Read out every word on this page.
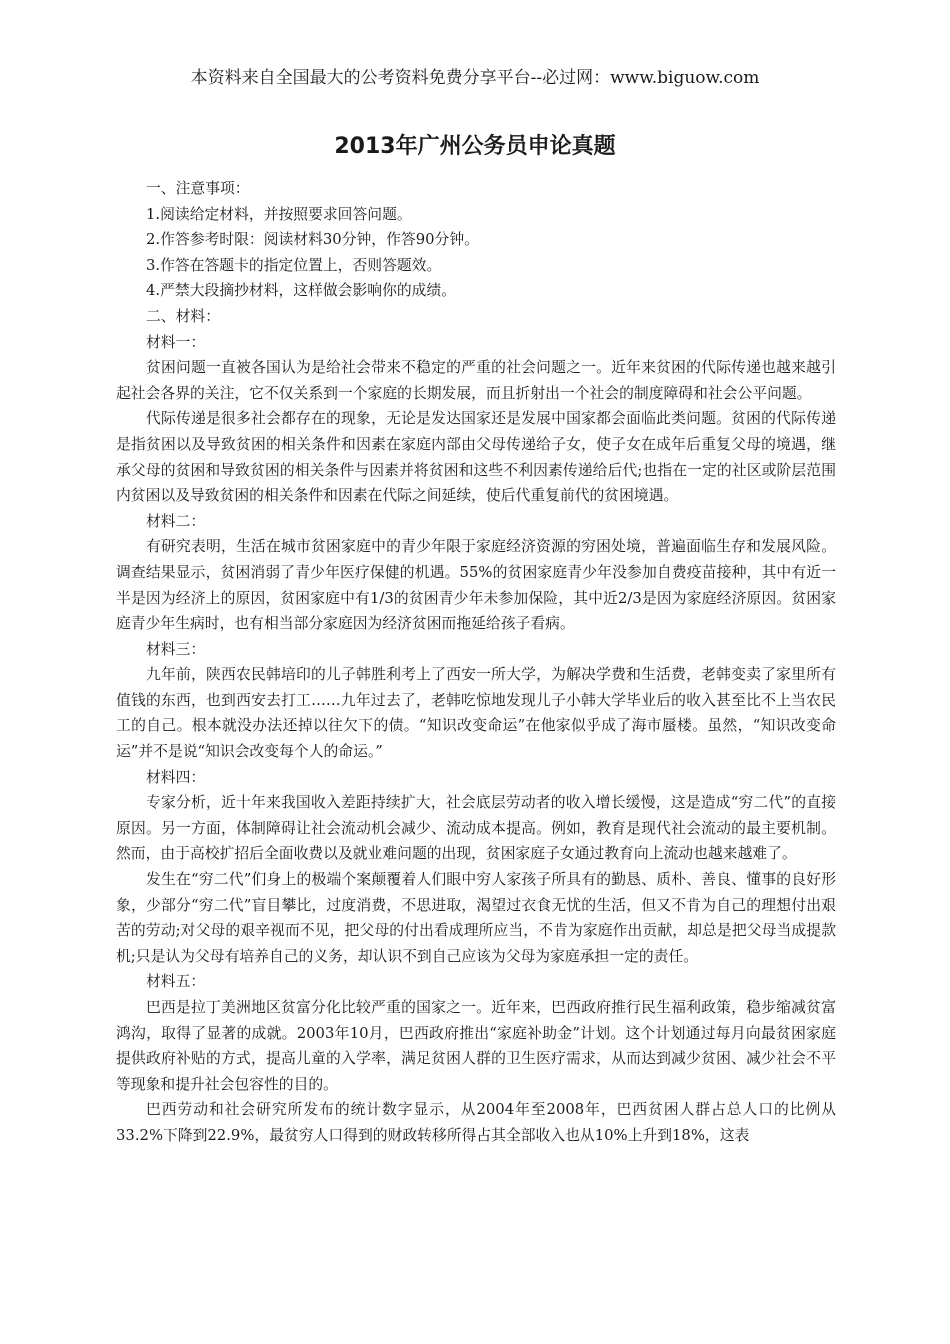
本资料来自全国最大的公考资料免费分享平台--必过网：www.biguow.com
2013年广州公务员申论真题

一、注意事项：

1.阅读给定材料，并按照要求回答问题。

2.作答参考时限：阅读材料30分钟，作答90分钟。

3.作答在答题卡的指定位置上，否则答题效。

4.严禁大段摘抄材料，这样做会影响你的成绩。

二、材料：

材料一：

贫困问题一直被各国认为是给社会带来不稳定的严重的社会问题之一。近年来贫困的代际传递也越来越引起社会各界的关注，它不仅关系到一个家庭的长期发展，而且折射出一个社会的制度障碍和社会公平问题。

代际传递是很多社会都存在的现象，无论是发达国家还是发展中国家都会面临此类问题。贫困的代际传递是指贫困以及导致贫困的相关条件和因素在家庭内部由父母传递给子女，使子女在成年后重复父母的境遇，继承父母的贫困和导致贫困的相关条件与因素并将贫困和这些不利因素传递给后代;也指在一定的社区或阶层范围内贫困以及导致贫困的相关条件和因素在代际之间延续，使后代重复前代的贫困境遇。

材料二：

有研究表明，生活在城市贫困家庭中的青少年限于家庭经济资源的穷困处境，普遍面临生存和发展风险。调查结果显示，贫困消弱了青少年医疗保健的机遇。55%的贫困家庭青少年没参加自费疫苗接种，其中有近一半是因为经济上的原因，贫困家庭中有1/3的贫困青少年未参加保险，其中近2/3是因为家庭经济原因。贫困家庭青少年生病时，也有相当部分家庭因为经济贫困而拖延给孩子看病。

材料三：

九年前，陕西农民韩培印的儿子韩胜利考上了西安一所大学，为解决学费和生活费，老韩变卖了家里所有值钱的东西，也到西安去打工……九年过去了，老韩吃惊地发现儿子小韩大学毕业后的收入甚至比不上当农民工的自己。根本就没办法还掉以往欠下的债。“知识改变命运”在他家似乎成了海市蜃楼。虽然，“知识改变命运”并不是说“知识会改变每个人的命运。”

材料四：

专家分析，近十年来我国收入差距持续扩大，社会底层劳动者的收入增长缓慢，这是造成“穷二代”的直接原因。另一方面，体制障碍让社会流动机会减少、流动成本提高。例如，教育是现代社会流动的最主要机制。然而，由于高校扩招后全面收费以及就业难问题的出现，贫困家庭子女通过教育向上流动也越来越难了。

发生在“穷二代”们身上的极端个案颠覆着人们眼中穷人家孩子所具有的勤恳、质朴、善良、懂事的良好形象，少部分“穷二代”盲目攀比，过度消费，不思进取，渴望过衣食无忧的生活，但又不肯为自己的理想付出艰苦的劳动;对父母的艰辛视而不见，把父母的付出看成理所应当，不肯为家庭作出贡献，却总是把父母当成提款机;只是认为父母有培养自己的义务，却认识不到自己应该为父母为家庭承担一定的责任。

材料五：

巴西是拉丁美洲地区贫富分化比较严重的国家之一。近年来，巴西政府推行民生福利政策，稳步缩减贫富鸿沟，取得了显著的成就。2003年10月，巴西政府推出“家庭补助金”计划。这个计划通过每月向最贫困家庭提供政府补贴的方式，提高儿童的入学率，满足贫困人群的卫生医疗需求，从而达到减少贫困、减少社会不平等现象和提升社会包容性的目的。

巴西劳动和社会研究所发布的统计数字显示，从2004年至2008年，巴西贫困人群占总人口的比例从33.2%下降到22.9%，最贫穷人口得到的财政转移所得占其全部收入也从10%上升到18%，这表
